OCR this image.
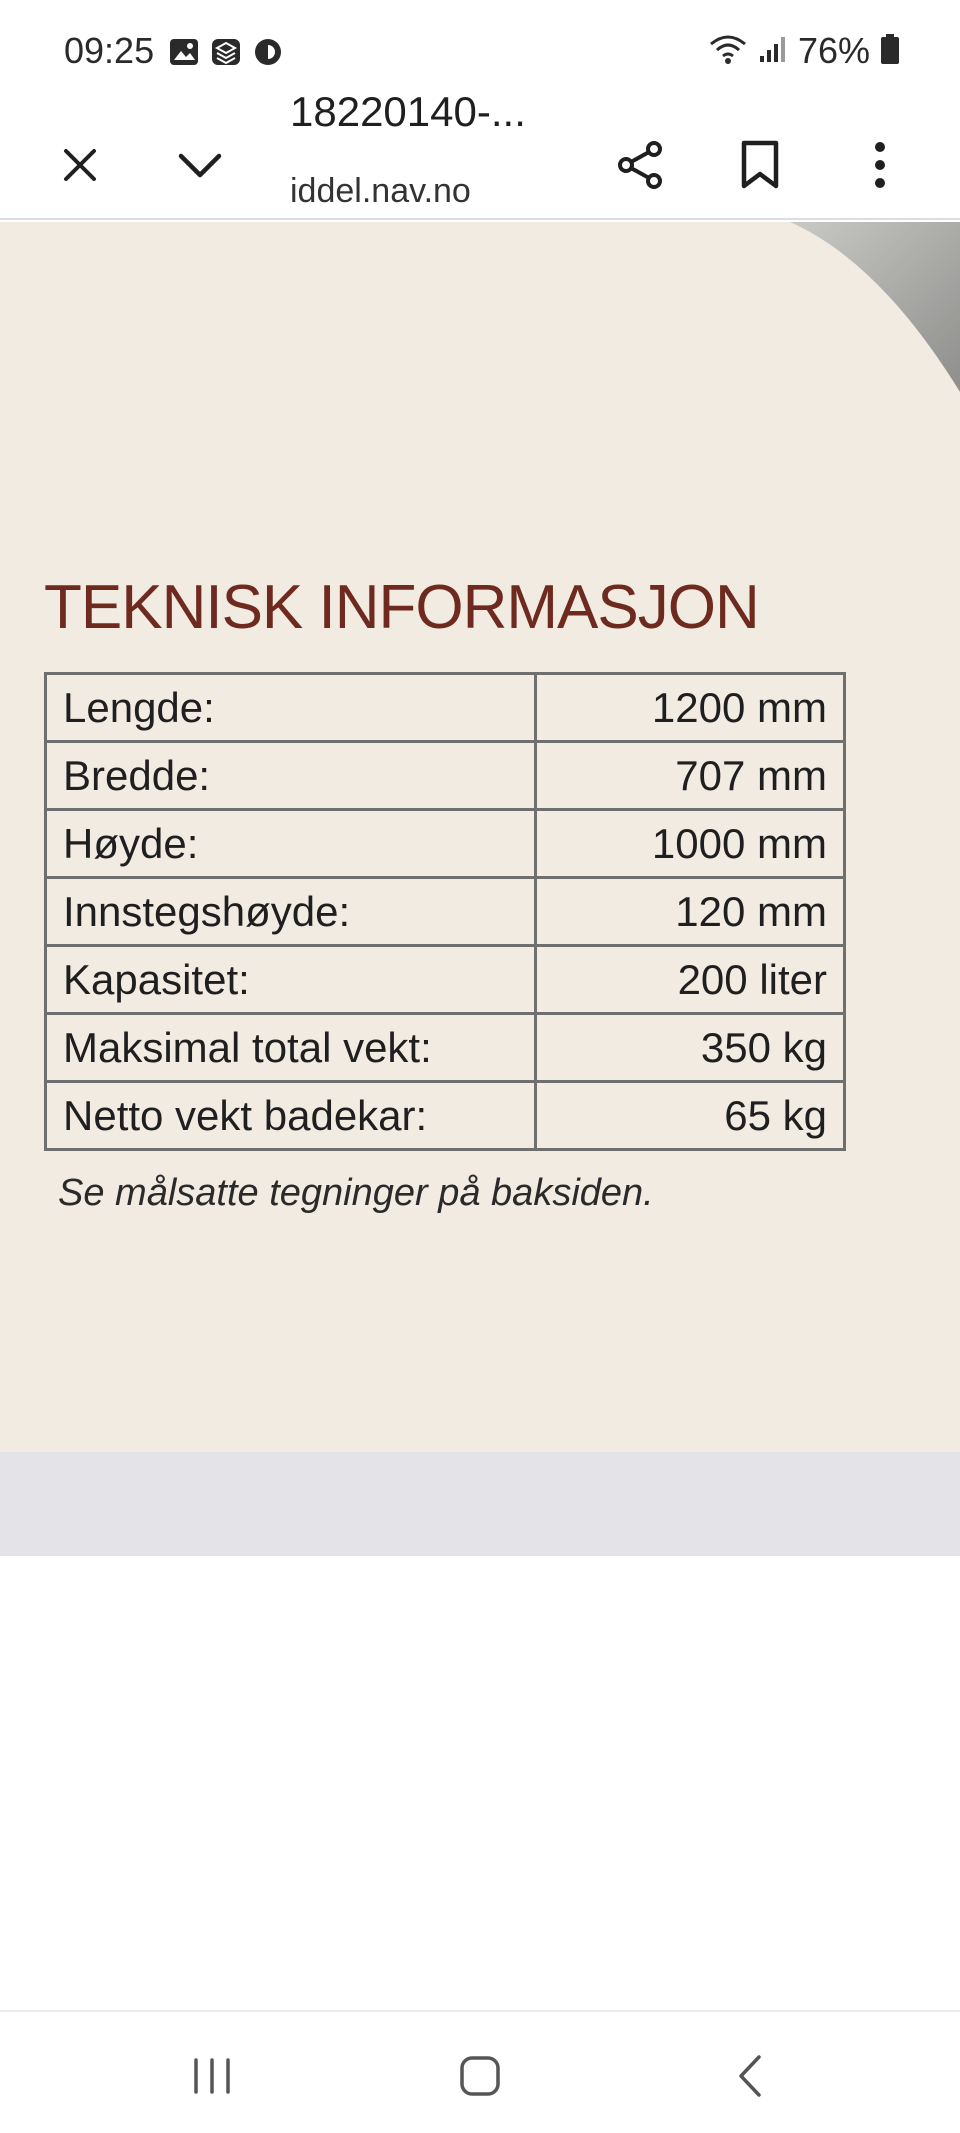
09:25	76%
18220140-...
iddel.nav.no
TEKNISK INFORMASJON
Lengde:	1200 mm
Bredde:	707 mm
Høyde:	1000 mm
Innstegshøyde:	120 mm
Kapasitet:	200 liter
Maksimal total vekt:	350 kg
Netto vekt badekar:	65 kg
Se målsatte tegninger på baksiden.
